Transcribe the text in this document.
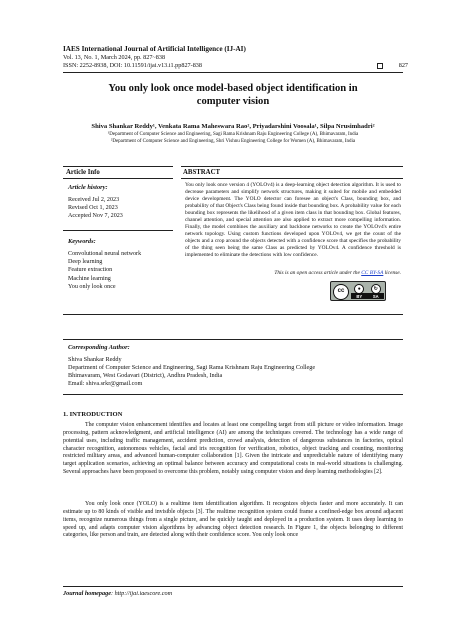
IAES International Journal of Artificial Intelligence (IJ-AI)
Vol. 13, No. 1, March 2024, pp. 827~838
ISSN: 2252-8938, DOI: 10.11591/ijai.v13.i1.pp827-838	827
You only look once model-based object identification in
computer vision
Shiva Shankar Reddy¹, Venkata Rama Maheswara Rao², Priyadarshini Voosala¹, Silpa Nrusimhadri²
¹Department of Computer Science and Engineering, Sagi Rama Krishnam Raju Engineering College (A), Bhimavaram, India
²Department of Computer Science and Engineering, Shri Vishnu Engineering College for Women (A), Bhimavaram, India
Article Info	ABSTRACT
Article history:
Received Jul 2, 2023
Revised Oct 1, 2023
Accepted Nov 7, 2023
Keywords:
Convolutional neural network
Deep learning
Feature extraction
Machine learning
You only look once
You only look once version 4 (YOLOv4) is a deep-learning object detection algorithm. It is used to decrease parameters and simplify network structures, making it suited for mobile and embedded device development. The YOLO detector can foresee an object's Class, bounding box, and probability of that Object's Class being found inside that bounding box. A probability value for each bounding box represents the likelihood of a given item class in that bounding box. Global features, channel attention, and special attention are also applied to extract more compelling information. Finally, the model combines the auxiliary and backbone networks to create the YOLOv4's entire network topology. Using custom functions developed upon YOLOv4, we get the count of the objects and a crop around the objects detected with a confidence score that specifies the probability of the thing seen being the same Class as predicted by YOLOv4. A confidence threshold is implemented to eliminate the detections with low confidence.
This is an open access article under the CC BY-SA license.
cc	●	↻
BY	SA
Corresponding Author:
Shiva Shankar Reddy
Department of Computer Science and Engineering, Sagi Rama Krishnam Raju Engineering College
Bhimavaram, West Godavari (District), Andhra Pradesh, India
Email: shiva.srkr@gmail.com
1. INTRODUCTION
The computer vision enhancement identifies and locates at least one compelling target from still picture or video information. Image processing, pattern acknowledgment, and artificial intelligence (AI) are among the techniques covered. The technology has a wide range of potential uses, including traffic management, accident prediction, crowd analysis, detection of dangerous substances in factories, optical character recognition, autonomous vehicles, facial and iris recognition for verification, robotics, object tracking and counting, monitoring restricted military areas, and advanced human-computer collaboration [1]. Given the intricate and unpredictable nature of identifying many target application scenarios, achieving an optimal balance between accuracy and computational costs in real-world situations is challenging. Several approaches have been proposed to overcome this problem, notably using computer vision and deep learning methodologies [2].
You only look once (YOLO) is a realtime item identification algorithm. It recognizes objects faster and more accurately. It can estimate up to 80 kinds of visible and invisible objects [3]. The realtime recognition system could frame a confined-edge box around adjacent items, recognize numerous things from a single picture, and be quickly taught and deployed in a production system. It uses deep learning to speed up, and adapts computer vision algorithms by advancing object detection research. In Figure 1, the objects belonging to different categories, like person and train, are detected along with their confidence score. You only look once
Journal homepage: http://ijai.iaescore.com
